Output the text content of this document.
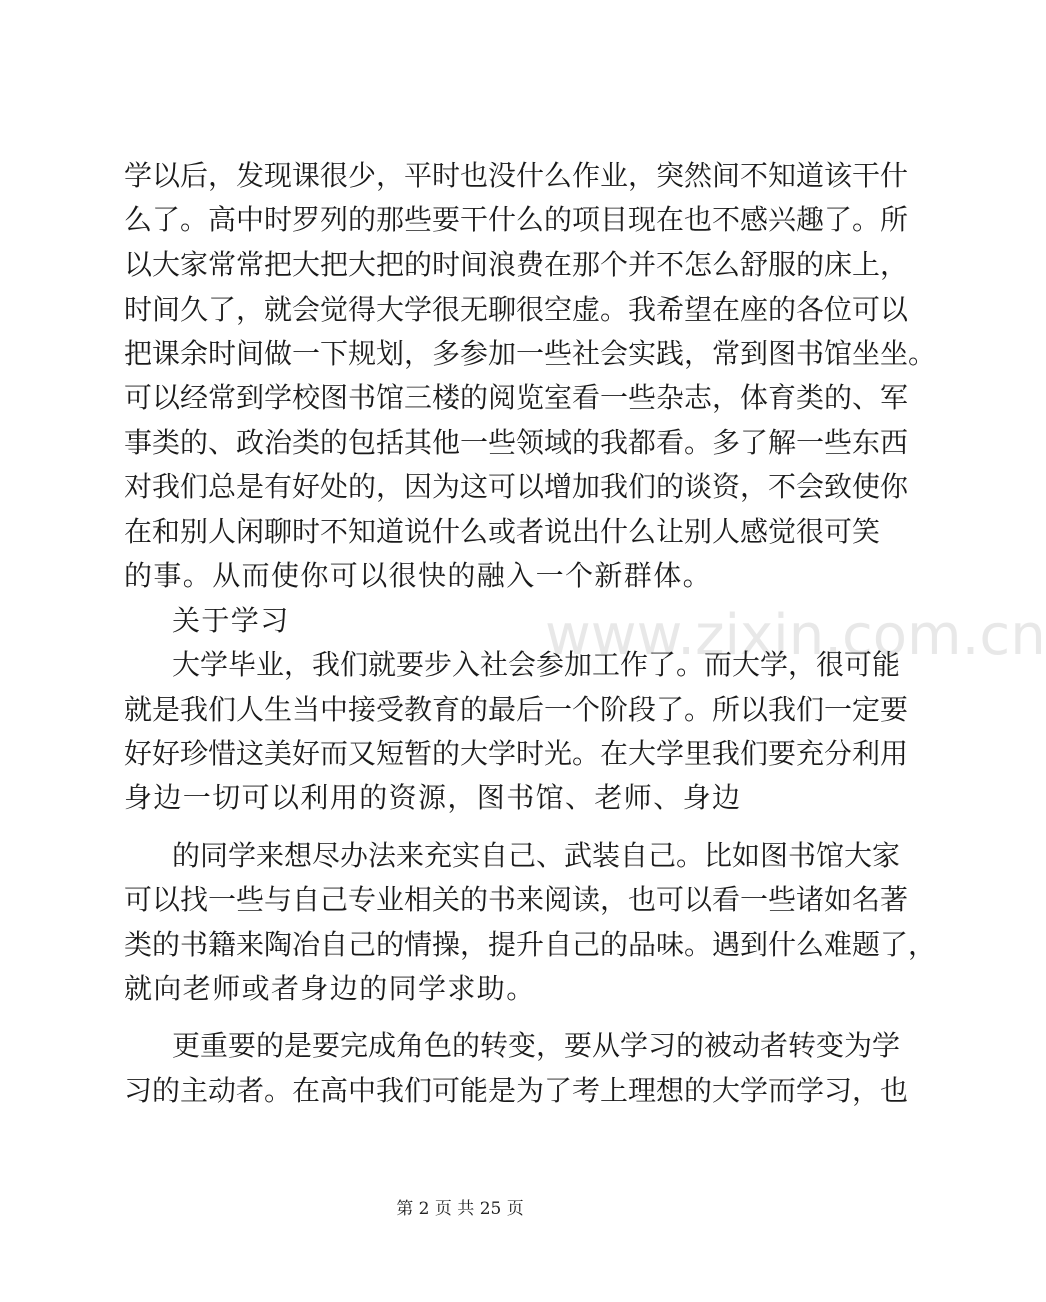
www.zixin.com.cn
学以后，发现课很少，平时也没什么作业，突然间不知道该干什
么了。高中时罗列的那些要干什么的项目现在也不感兴趣了。所
以大家常常把大把大把的时间浪费在那个并不怎么舒服的床上，
时间久了，就会觉得大学很无聊很空虚。我希望在座的各位可以
把课余时间做一下规划，多参加一些社会实践，常到图书馆坐坐。
可以经常到学校图书馆三楼的阅览室看一些杂志，体育类的、军
事类的、政治类的包括其他一些领域的我都看。多了解一些东西
对我们总是有好处的，因为这可以增加我们的谈资，不会致使你
在和别人闲聊时不知道说什么或者说出什么让别人感觉很可笑
的事。从而使你可以很快的融入一个新群体。
关于学习
大学毕业，我们就要步入社会参加工作了。而大学，很可能
就是我们人生当中接受教育的最后一个阶段了。所以我们一定要
好好珍惜这美好而又短暂的大学时光。在大学里我们要充分利用
身边一切可以利用的资源，图书馆、老师、身边
的同学来想尽办法来充实自己、武装自己。比如图书馆大家
可以找一些与自己专业相关的书来阅读，也可以看一些诸如名著
类的书籍来陶冶自己的情操，提升自己的品味。遇到什么难题了，
就向老师或者身边的同学求助。
更重要的是要完成角色的转变，要从学习的被动者转变为学
习的主动者。在高中我们可能是为了考上理想的大学而学习，也
第 2 页 共 25 页
